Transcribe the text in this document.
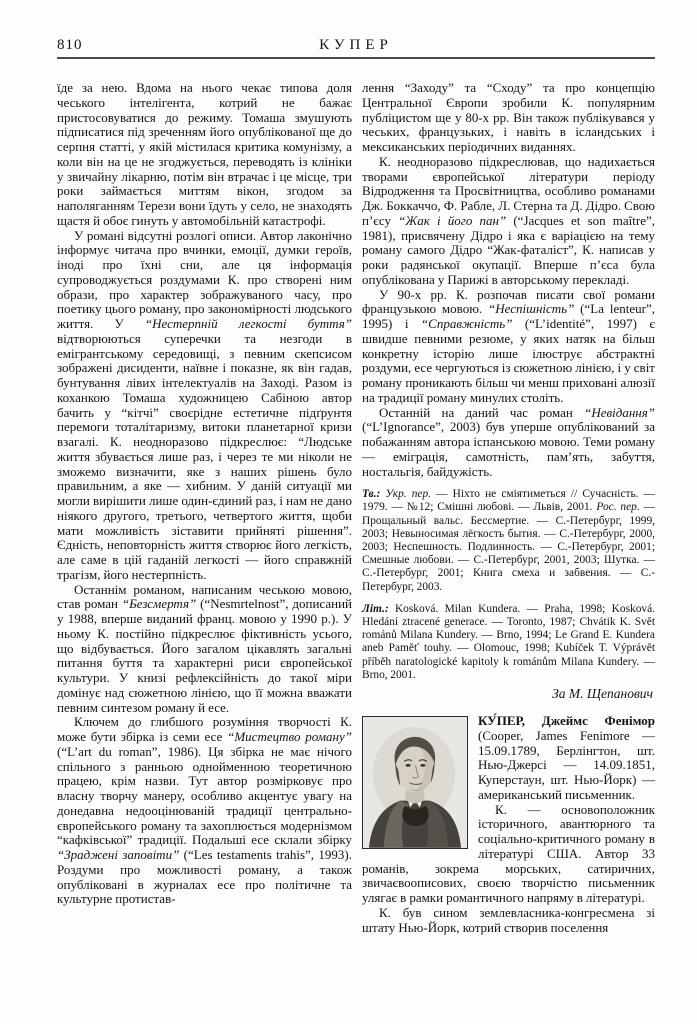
810	КУПЕР

їде за нею. Вдома на нього чекає типова доля чеського інтелігента, котрий не бажає пристосовуватися до режиму. Томаша змушують підписатися під зреченням його опублікованої ще до серпня статті, у якій містилася критика комунізму, а коли він на це не згоджується, переводять із клініки у звичайну лікарню, потім він втрачає і це місце, три роки займається миттям вікон, згодом за наполяганням Терези вони їдуть у село, не знаходять щастя й обоє гинуть у автомобільній катастрофі.

У романі відсутні розлогі описи. Автор лаконічно інформує читача про вчинки, емоції, думки героїв, іноді про їхні сни, але ця інформація супроводжується роздумами К. про створені ним образи, про характер зображуваного часу, про поетику цього роману, про закономірності людського життя. У “Нестерпній легкості буття” відтворюються суперечки та незгоди в емігрантському середовищі, з певним скепсисом зображені дисиденти, наївне і показне, як він гадав, бунтування лівих інтелектуалів на Заході. Разом із коханкою Томаша художницею Сабіною автор бачить у “кітчі” своєрідне естетичне підґрунтя перемоги тоталітаризму, витоки планетарної кризи взагалі. К. неодноразово підкреслює: “Людське життя збувається лише раз, і через те ми ніколи не зможемо визначити, яке з наших рішень було правильним, а яке — хибним. У даній ситуації ми могли вирішити лише один-єдиний раз, і нам не дано ніякого другого, третього, четвертого життя, щоби мати можливість зіставити прийняті рішення”. Єдність, неповторність життя створює його легкість, але саме в цій гаданій легкості — його справжній трагізм, його нестерпність.

Останнім романом, написаним чеською мовою, став роман “Безсмертя” (“Nesmrtelnost”, дописаний у 1988, вперше виданий франц. мовою у 1990 р.). У ньому К. постійно підкреслює фіктивність усього, що відбувається. Його загалом цікавлять загальні питання буття та характерні риси європейської культури. У книзі рефлексійність до такої міри домінує над сюжетною лінією, що її можна вважати певним синтезом роману й есе.

Ключем до глибшого розуміння творчості К. може бути збірка із семи есе “Мистецтво роману” (“L’art du roman”, 1986). Ця збірка не має нічого спільного з ранньою однойменною теоретичною працею, крім назви. Тут автор розмірковує про власну творчу манеру, особливо акцентує увагу на донедавна недооцінюваній традиції центрально-європейського роману та захоплюється модернізмом “кафківської” традиції. Подальші есе склали збірку “Зраджені заповіти” (“Les testaments trahis”, 1993). Роздуми про можливості роману, а також опубліковані в журналах есе про політичне та культурне протистав-

лення “Заходу” та “Сходу” та про концепцію Центральної Європи зробили К. популярним публіцистом ще у 80-х рр. Він також публікувався у чеських, французьких, і навіть в ісландських і мексиканських періодичних виданнях.

К. неодноразово підкреслював, що надихається творами європейської літератури періоду Відродження та Просвітництва, особливо романами Дж. Боккаччо, Ф. Рабле, Л. Стерна та Д. Дідро. Свою п’єсу “Жак і його пан” (“Jacques et son maître”, 1981), присвячену Дідро і яка є варіацією на тему роману самого Дідро “Жак-фаталіст”, К. написав у роки радянської окупації. Вперше п’єса була опублікована у Парижі в авторському перекладі.

У 90-х рр. К. розпочав писати свої романи французькою мовою. “Неспішність” (“La lenteur”, 1995) і “Справжність” (“L’identité”, 1997) є швидше певними резюме, у яких натяк на більш конкретну історію лише ілюструє абстрактні роздуми, есе чергуються із сюжетною лінією, і у світ роману проникають більш чи менш приховані алюзії на традиції роману минулих століть.

Останній на даний час роман “Невідання” (“L’Ignorance”, 2003) був уперше опублікований за побажанням автора іспанською мовою. Теми роману — еміграція, самотність, пам’ять, забуття, ностальгія, байдужість.

Тв.: Укр. пер. — Ніхто не сміятиметься // Сучасність. — 1979. — №12; Смішні любові. — Львів, 2001. Рос. пер. — Прощальный вальс. Бессмертие. — С.-Петербург, 1999, 2003; Невыносимая лёгкость бытия. — С.-Петербург, 2000, 2003; Неспешность. Подлинность. — С.-Петербург, 2001; Смешные любови. — С.-Петербург, 2001, 2003; Шутка. — С.-Петербург, 2001; Книга смеха и забвения. — С.-Петербург, 2003.

Літ.: Kosková. Milan Kundera. — Praha, 1998; Kosková. Hledání ztracené generace. — Toronto, 1987; Chvátik K. Svět románů Milana Kundery. — Brno, 1994; Le Grand E. Kundera aneb Paměť touhy. — Olomouc, 1998; Kubíček T. Výprávět příběh naratologické kapitoly k románům Milana Kundery. — Brno, 2001.

За М. Щепанович

КУ́ПЕР, Джеймс Фенімор (Cooper, James Fenimore — 15.09.1789, Берлінгтон, шт. Нью-Джерсі — 14.09.1851, Куперстаун, шт. Нью-Йорк) — американський письменник.

К. — основоположник історичного, авантюрного та соціально-критичного роману в літературі США. Автор 33 романів, зокрема морських, сатиричних, звичаєвоописових, своєю творчістю письменник улягає в рамки романтичного напряму в літературі.

К. був сином землевласника-конгресмена зі штату Нью-Йорк, котрий створив поселення
